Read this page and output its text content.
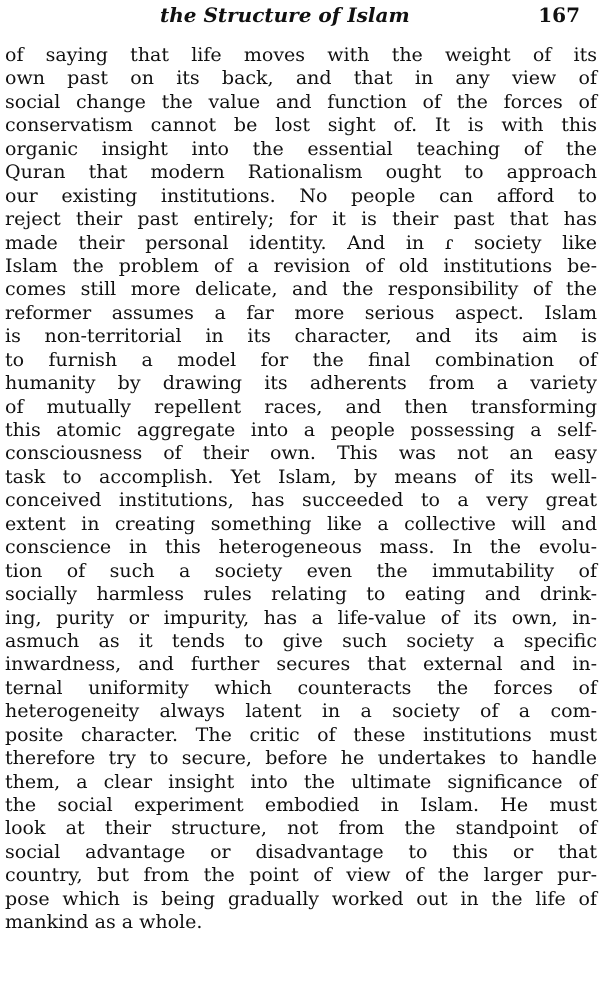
the Structure of Islam	167
of saying that life moves with the weight of its
own past on its back, and that in any view of
social change the value and function of the forces of
conservatism cannot be lost sight of. It is with this
organic insight into the essential teaching of the
Quran that modern Rationalism ought to approach
our existing institutions. No people can afford to
reject their past entirely; for it is their past that has
made their personal identity. And in ɾ society like
Islam the problem of a revision of old institutions be-
comes still more delicate, and the responsibility of the
reformer assumes a far more serious aspect. Islam
is non-territorial in its character, and its aim is
to furnish a model for the final combination of
humanity by drawing its adherents from a variety
of mutually repellent races, and then transforming
this atomic aggregate into a people possessing a self-
consciousness of their own. This was not an easy
task to accomplish. Yet Islam, by means of its well-
conceived institutions, has succeeded to a very great
extent in creating something like a collective will and
conscience in this heterogeneous mass. In the evolu-
tion of such a society even the immutability of
socially harmless rules relating to eating and drink-
ing, purity or impurity, has a life-value of its own, in-
asmuch as it tends to give such society a specific
inwardness, and further secures that external and in-
ternal uniformity which counteracts the forces of
heterogeneity always latent in a society of a com-
posite character. The critic of these institutions must
therefore try to secure, before he undertakes to handle
them, a clear insight into the ultimate significance of
the social experiment embodied in Islam. He must
look at their structure, not from the standpoint of
social advantage or disadvantage to this or that
country, but from the point of view of the larger pur-
pose which is being gradually worked out in the life of
mankind as a whole.
